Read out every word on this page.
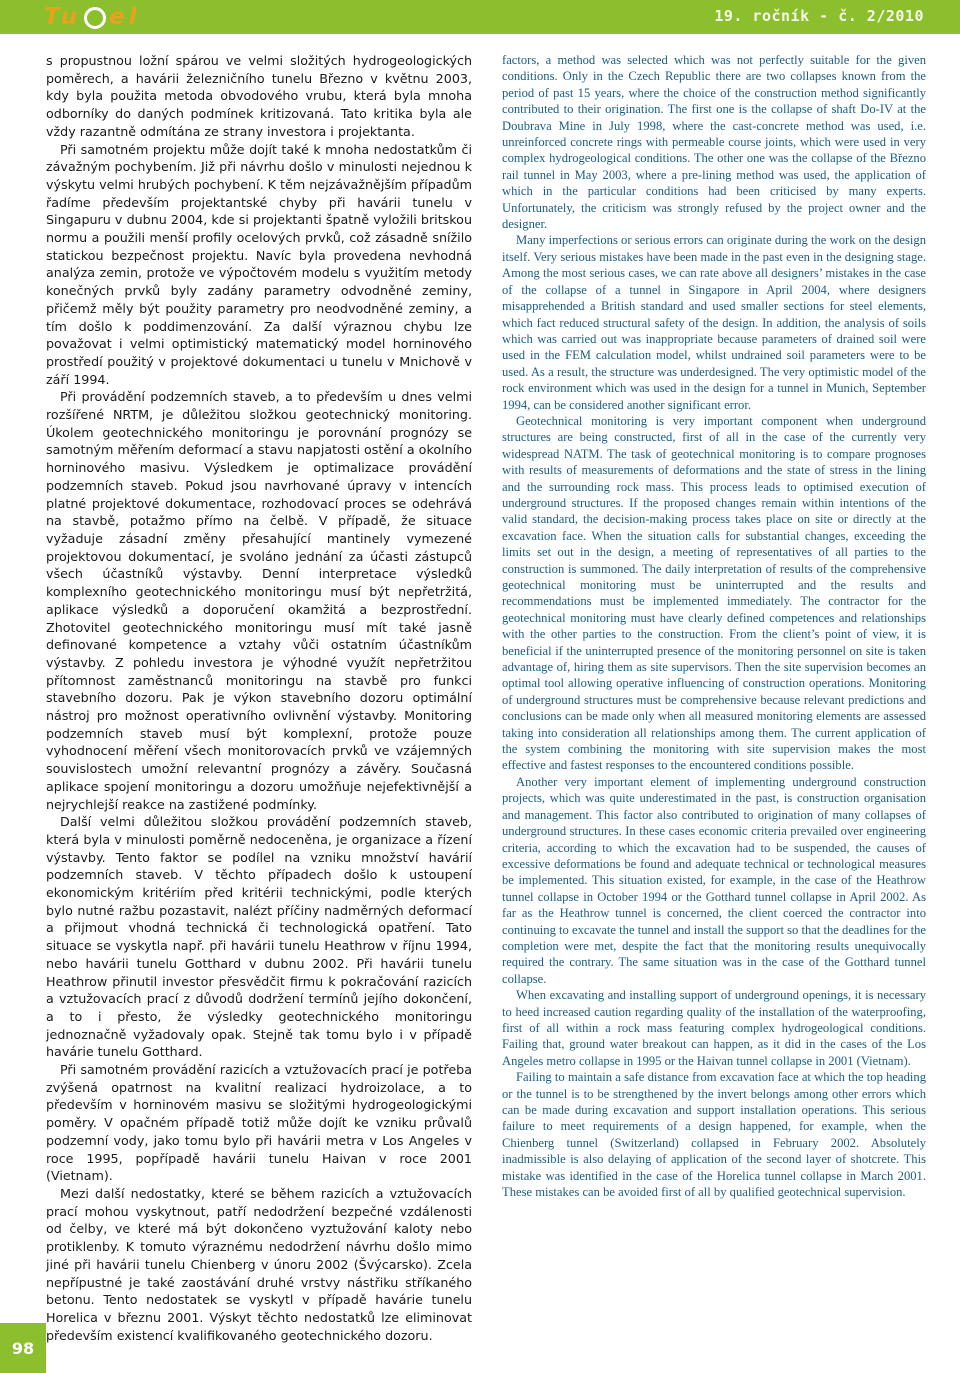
Tu el	19. ročník - č. 2/2010

s propustnou ložní spárou ve velmi složitých hydrogeologických poměrech, a havárii železničního tunelu Březno v květnu 2003, kdy byla použita metoda obvodového vrubu, která byla mnoha odborníky do daných podmínek kritizovaná. Tato kritika byla ale vždy razantně odmítána ze strany investora i projektanta.

Při samotném projektu může dojít také k mnoha nedostatkům či závažným pochybením. Již při návrhu došlo v minulosti nejednou k výskytu velmi hrubých pochybení. K těm nejzávažnějším případům řadíme především projektantské chyby při havárii tunelu v Singapuru v dubnu 2004, kde si projektanti špatně vyložili britskou normu a použili menší profily ocelových prvků, což zásadně snížilo statickou bezpečnost projektu. Navíc byla provedena nevhodná analýza zemin, protože ve výpočtovém modelu s využitím metody konečných prvků byly zadány parametry odvodněné zeminy, přičemž měly být použity parametry pro neodvodněné zeminy, a tím došlo k poddimenzování. Za další výraznou chybu lze považovat i velmi optimistický matematický model horninového prostředí použitý v projektové dokumentaci u tunelu v Mnichově v září 1994.

Při provádění podzemních staveb, a to především u dnes velmi rozšířené NRTM, je důležitou složkou geotechnický monitoring. Úkolem geotechnického monitoringu je porovnání prognózy se samotným měřením deformací a stavu napjatosti ostění a okolního horninového masivu. Výsledkem je optimalizace provádění podzemních staveb. Pokud jsou navrhované úpravy v intencích platné projektové dokumentace, rozhodovací proces se odehrává na stavbě, potažmo přímo na čelbě. V případě, že situace vyžaduje zásadní změny přesahující mantinely vymezené projektovou dokumentací, je svoláno jednání za účasti zástupců všech účastníků výstavby. Denní interpretace výsledků komplexního geotechnického monitoringu musí být nepřetržitá, aplikace výsledků a doporučení okamžitá a bezprostřední. Zhotovitel geotechnického monitoringu musí mít také jasně definované kompetence a vztahy vůči ostatním účastníkům výstavby. Z pohledu investora je výhodné využít nepřetržitou přítomnost zaměstnanců monitoringu na stavbě pro funkci stavebního dozoru. Pak je výkon stavebního dozoru optimální nástroj pro možnost operativního ovlivnění výstavby. Monitoring podzemních staveb musí být komplexní, protože pouze vyhodnocení měření všech monitorovacích prvků ve vzájemných souvislostech umožní relevantní prognózy a závěry. Současná aplikace spojení monitoringu a dozoru umožňuje nejefektivnější a nejrychlejší reakce na zastižené podmínky.

Další velmi důležitou složkou provádění podzemních staveb, která byla v minulosti poměrně nedoceněna, je organizace a řízení výstavby. Tento faktor se podílel na vzniku množství havárií podzemních staveb. V těchto případech došlo k ustoupení ekonomickým kritériím před kritérii technickými, podle kterých bylo nutné ražbu pozastavit, nalézt příčiny nadměrných deformací a přijmout vhodná technická či technologická opatření. Tato situace se vyskytla např. při havárii tunelu Heathrow v říjnu 1994, nebo havárii tunelu Gotthard v dubnu 2002. Při havárii tunelu Heathrow přinutil investor přesvědčit firmu k pokračování razicích a vztužovacích prací z důvodů dodržení termínů jejího dokončení, a to i přesto, že výsledky geotechnického monitoringu jednoznačně vyžadovaly opak. Stejně tak tomu bylo i v případě havárie tunelu Gotthard.

Při samotném provádění razicích a vztužovacích prací je potřeba zvýšená opatrnost na kvalitní realizaci hydroizolace, a to především v horninovém masivu se složitými hydrogeologickými poměry. V opačném případě totiž může dojít ke vzniku průvalů podzemní vody, jako tomu bylo při havárii metra v Los Angeles v roce 1995, popřípadě havárii tunelu Haivan v roce 2001 (Vietnam).

Mezi další nedostatky, které se během razicích a vztužovacích prací mohou vyskytnout, patří nedodržení bezpečné vzdálenosti od čelby, ve které má být dokončeno vyztužování kaloty nebo protiklenby. K tomuto výraznému nedodržení návrhu došlo mimo jiné při havárii tunelu Chienberg v únoru 2002 (Švýcarsko). Zcela nepřípustné je také zaostávání druhé vrstvy nástřiku stříkaného betonu. Tento nedostatek se vyskytl v případě havárie tunelu Horelica v březnu 2001. Výskyt těchto nedostatků lze eliminovat především existencí kvalifikovaného geotechnického dozoru.

factors, a method was selected which was not perfectly suitable for the given conditions. Only in the Czech Republic there are two collapses known from the period of past 15 years, where the choice of the construction method significantly contributed to their origination. The first one is the collapse of shaft Do-IV at the Doubrava Mine in July 1998, where the cast-concrete method was used, i.e. unreinforced concrete rings with permeable course joints, which were used in very complex hydrogeological conditions. The other one was the collapse of the Březno rail tunnel in May 2003, where a pre-lining method was used, the application of which in the particular conditions had been criticised by many experts. Unfortunately, the criticism was strongly refused by the project owner and the designer.

Many imperfections or serious errors can originate during the work on the design itself. Very serious mistakes have been made in the past even in the designing stage. Among the most serious cases, we can rate above all designers’ mistakes in the case of the collapse of a tunnel in Singapore in April 2004, where designers misapprehended a British standard and used smaller sections for steel elements, which fact reduced structural safety of the design. In addition, the analysis of soils which was carried out was inappropriate because parameters of drained soil were used in the FEM calculation model, whilst undrained soil parameters were to be used. As a result, the structure was underdesigned. The very optimistic model of the rock environment which was used in the design for a tunnel in Munich, September 1994, can be considered another significant error.

Geotechnical monitoring is very important component when underground structures are being constructed, first of all in the case of the currently very widespread NATM. The task of geotechnical monitoring is to compare prognoses with results of measurements of deformations and the state of stress in the lining and the surrounding rock mass. This process leads to optimised execution of underground structures. If the proposed changes remain within intentions of the valid standard, the decision-making process takes place on site or directly at the excavation face. When the situation calls for substantial changes, exceeding the limits set out in the design, a meeting of representatives of all parties to the construction is summoned. The daily interpretation of results of the comprehensive geotechnical monitoring must be uninterrupted and the results and recommendations must be implemented immediately. The contractor for the geotechnical monitoring must have clearly defined competences and relationships with the other parties to the construction. From the client’s point of view, it is beneficial if the uninterrupted presence of the monitoring personnel on site is taken advantage of, hiring them as site supervisors. Then the site supervision becomes an optimal tool allowing operative influencing of construction operations. Monitoring of underground structures must be comprehensive because relevant predictions and conclusions can be made only when all measured monitoring elements are assessed taking into consideration all relationships among them. The current application of the system combining the monitoring with site supervision makes the most effective and fastest responses to the encountered conditions possible.

Another very important element of implementing underground construction projects, which was quite underestimated in the past, is construction organisation and management. This factor also contributed to origination of many collapses of underground structures. In these cases economic criteria prevailed over engineering criteria, according to which the excavation had to be suspended, the causes of excessive deformations be found and adequate technical or technological measures be implemented. This situation existed, for example, in the case of the Heathrow tunnel collapse in October 1994 or the Gotthard tunnel collapse in April 2002. As far as the Heathrow tunnel is concerned, the client coerced the contractor into continuing to excavate the tunnel and install the support so that the deadlines for the completion were met, despite the fact that the monitoring results unequivocally required the contrary. The same situation was in the case of the Gotthard tunnel collapse.

When excavating and installing support of underground openings, it is necessary to heed increased caution regarding quality of the installation of the waterproofing, first of all within a rock mass featuring complex hydrogeological conditions. Failing that, ground water breakout can happen, as it did in the cases of the Los Angeles metro collapse in 1995 or the Haivan tunnel collapse in 2001 (Vietnam).

Failing to maintain a safe distance from excavation face at which the top heading or the tunnel is to be strengthened by the invert belongs among other errors which can be made during excavation and support installation operations. This serious failure to meet requirements of a design happened, for example, when the Chienberg tunnel (Switzerland) collapsed in February 2002. Absolutely inadmissible is also delaying of application of the second layer of shotcrete. This mistake was identified in the case of the Horelica tunnel collapse in March 2001. These mistakes can be avoided first of all by qualified geotechnical supervision.

98
